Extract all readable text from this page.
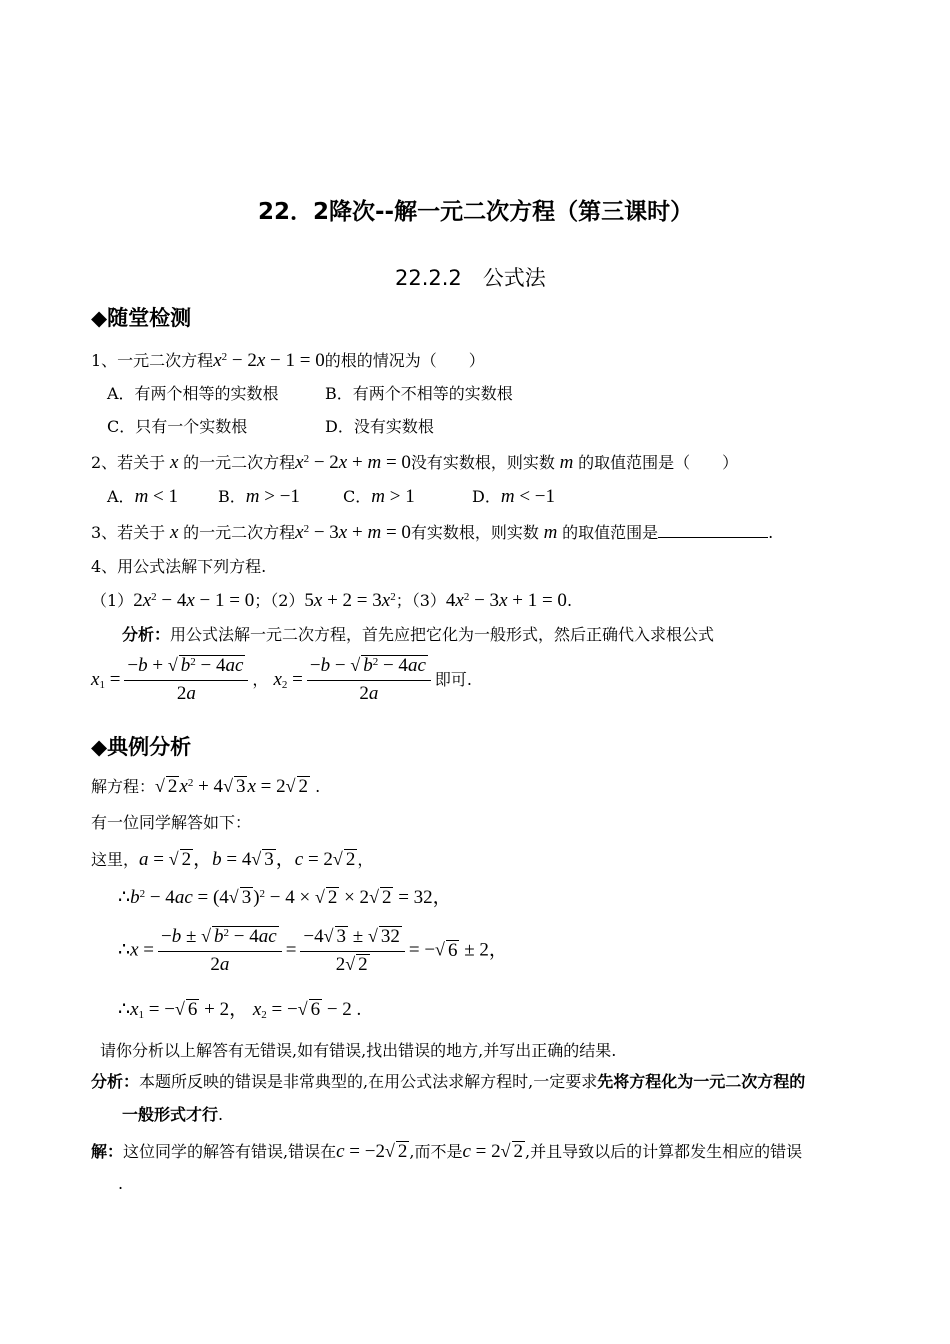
22．2降次--解一元二次方程（第三课时）
22.2.2　公式法
◆随堂检测
1、一元二次方程$x^2 - 2x - 1 = 0$的根的情况为（　　）
A．有两个相等的实数根	B．有两个不相等的实数根
C．只有一个实数根	D．没有实数根
2、若关于 x 的一元二次方程$x^2 - 2x + m = 0$没有实数根，则实数 m 的取值范围是（　　）
A．m < 1 B．m > −1	C．m > 1	D．m < −1
3、若关于 x 的一元二次方程$x^2 - 3x + m = 0$有实数根，则实数 m 的取值范围是	.
4、用公式法解下列方程.
$(1)2x^2 - 4x - 1 = 0$；$(2)5x + 2 = 3x^2$；$(3)4x^2 - 3x + 1 = 0$.
分析：用公式法解一元二次方程，首先应把它化为一般形式，然后正确代入求根公式
$x_1 = \frac{-b + √ b^2 - 4ac}{2a}$ ， $x_2 = \frac{-b - √ b^2 - 4ac}{2a}$ 即可.
◆典例分析
解方程：√ 2 $x^2 + 4√$ 3 x = 2√ 2 .
有一位同学解答如下：
这里，a = √ 2 ，b = 4√ 3 ，c = 2√ 2 ，
$\therefore b^2 - 4ac = (4√$ 3 )$^2$ − 4 × √ 2 × 2√ 2 = 32，
∴x = $\frac{-b \pm √ b^2 - 4ac}{2a} = \frac{-4√ 3 \pm √ 32}{2√ 2}$ = −√ 6 ± 2，
$\therefore x_1$ = −√ 6 + 2， $x_2$ = −√ 6 − 2 .
请你分析以上解答有无错误,如有错误,找出错误的地方,并写出正确的结果.
分析：本题所反映的错误是非常典型的,在用公式法求解方程时,一定要求先将方程化为一元二次方程的
一般形式才行.
解：这位同学的解答有错误,错误在c = −2√ 2 ,而不是c = 2√ 2 ,并且导致以后的计算都发生相应的错误
.
